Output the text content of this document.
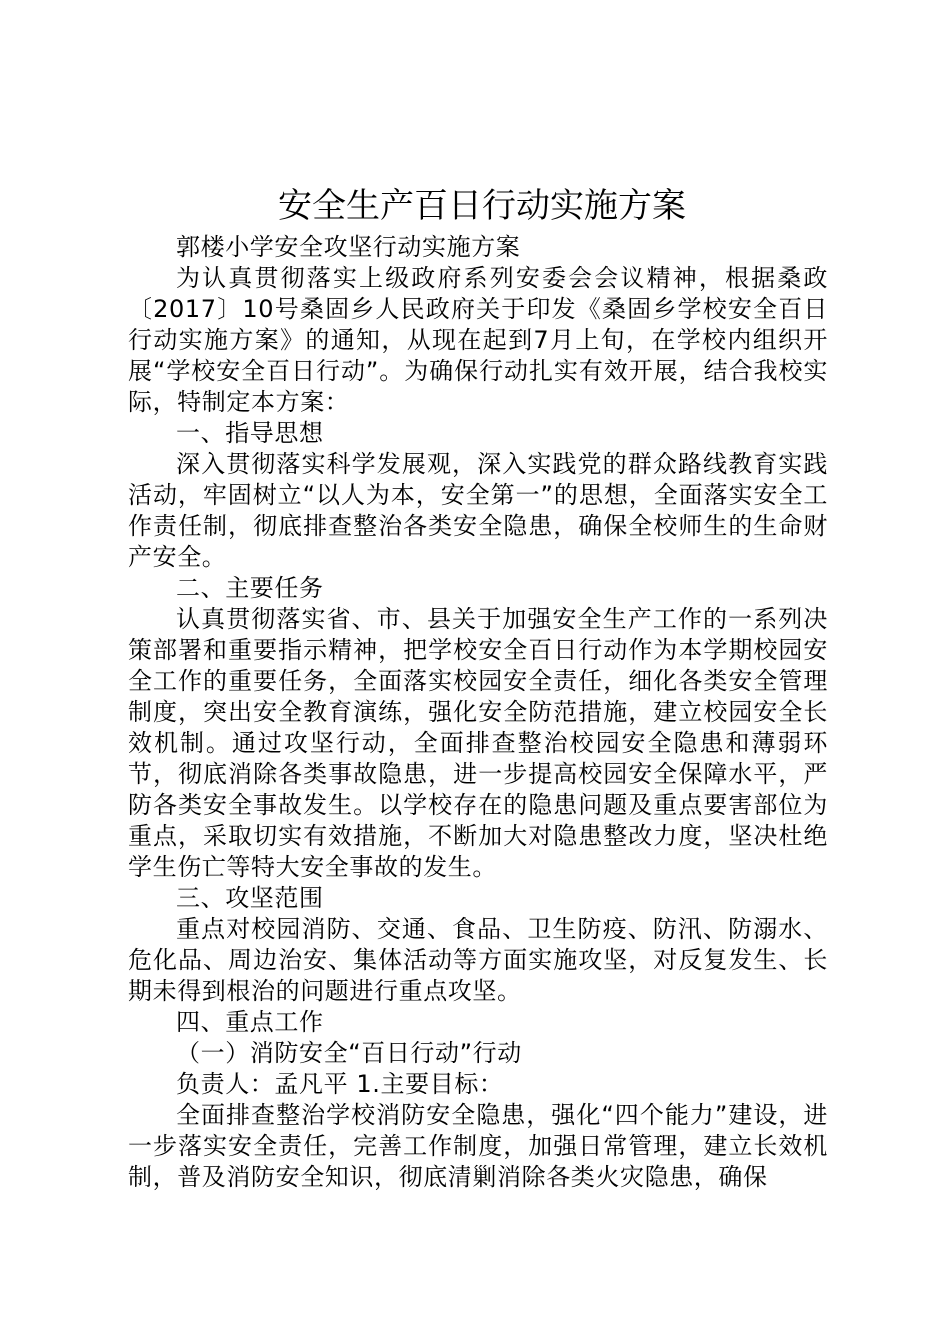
安全生产百日行动实施方案

郭楼小学安全攻坚行动实施方案

为认真贯彻落实上级政府系列安委会会议精神，根据桑政〔2017〕10号桑固乡人民政府关于印发《桑固乡学校安全百日行动实施方案》的通知，从现在起到7月上旬，在学校内组织开展“学校安全百日行动”。为确保行动扎实有效开展，结合我校实际，特制定本方案：

一、指导思想

深入贯彻落实科学发展观，深入实践党的群众路线教育实践活动，牢固树立“以人为本，安全第一”的思想，全面落实安全工作责任制，彻底排查整治各类安全隐患，确保全校师生的生命财产安全。

二、主要任务

认真贯彻落实省、市、县关于加强安全生产工作的一系列决策部署和重要指示精神，把学校安全百日行动作为本学期校园安全工作的重要任务，全面落实校园安全责任，细化各类安全管理制度，突出安全教育演练，强化安全防范措施，建立校园安全长效机制。通过攻坚行动，全面排查整治校园安全隐患和薄弱环节，彻底消除各类事故隐患，进一步提高校园安全保障水平，严防各类安全事故发生。以学校存在的隐患问题及重点要害部位为重点，采取切实有效措施，不断加大对隐患整改力度，坚决杜绝学生伤亡等特大安全事故的发生。

三、攻坚范围

重点对校园消防、交通、食品、卫生防疫、防汛、防溺水、危化品、周边治安、集体活动等方面实施攻坚，对反复发生、长期未得到根治的问题进行重点攻坚。

四、重点工作

（一）消防安全“百日行动”行动

负责人：孟凡平 1.主要目标：

全面排查整治学校消防安全隐患，强化“四个能力”建设，进一步落实安全责任，完善工作制度，加强日常管理，建立长效机制，普及消防安全知识，彻底清剿消除各类火灾隐患，确保
